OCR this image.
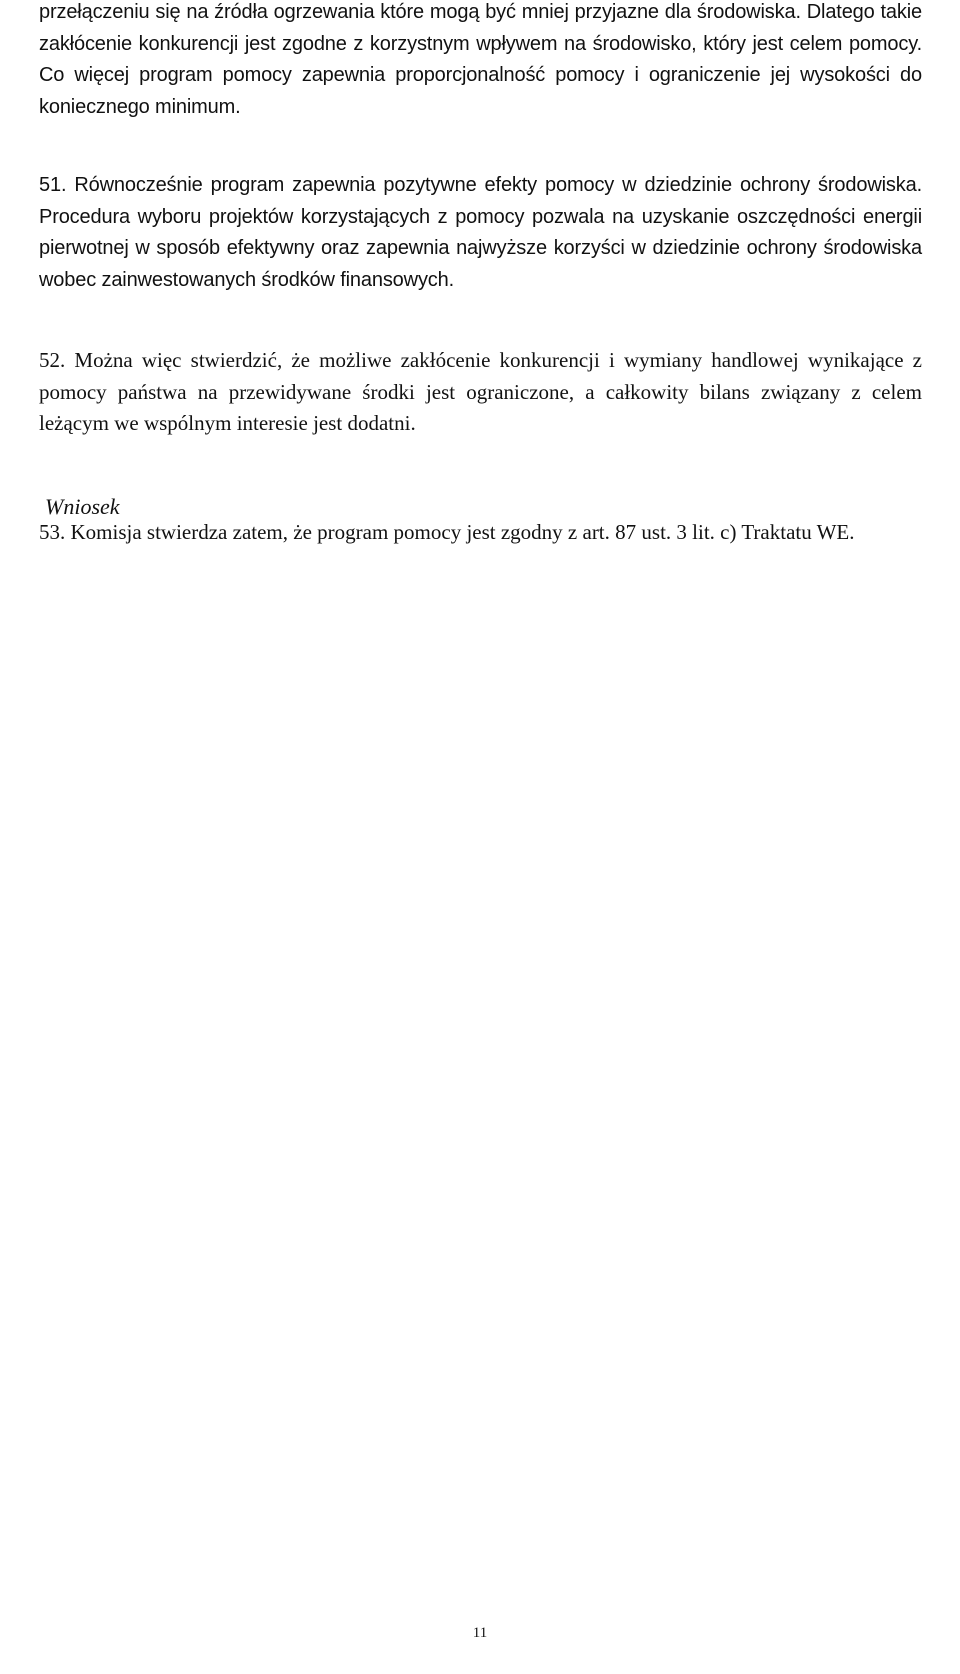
przełączeniu się na źródła ogrzewania które mogą być mniej przyjazne dla środowiska. Dlatego takie zakłócenie konkurencji jest zgodne z korzystnym wpływem na środowisko, który jest celem pomocy. Co więcej program pomocy zapewnia proporcjonalność pomocy i ograniczenie jej wysokości do koniecznego minimum.

51. Równocześnie program zapewnia pozytywne efekty pomocy w dziedzinie ochrony środowiska. Procedura wyboru projektów korzystających z pomocy pozwala na uzyskanie oszczędności energii pierwotnej w sposób efektywny oraz zapewnia najwyższe korzyści w dziedzinie ochrony środowiska wobec zainwestowanych środków finansowych.

52. Można więc stwierdzić, że możliwe zakłócenie konkurencji i wymiany handlowej wynikające z pomocy państwa na przewidywane środki jest ograniczone, a całkowity bilans związany z celem leżącym we wspólnym interesie jest dodatni.

Wniosek

53. Komisja stwierdza zatem, że program pomocy jest zgodny z art. 87 ust. 3 lit. c) Traktatu WE.

11
